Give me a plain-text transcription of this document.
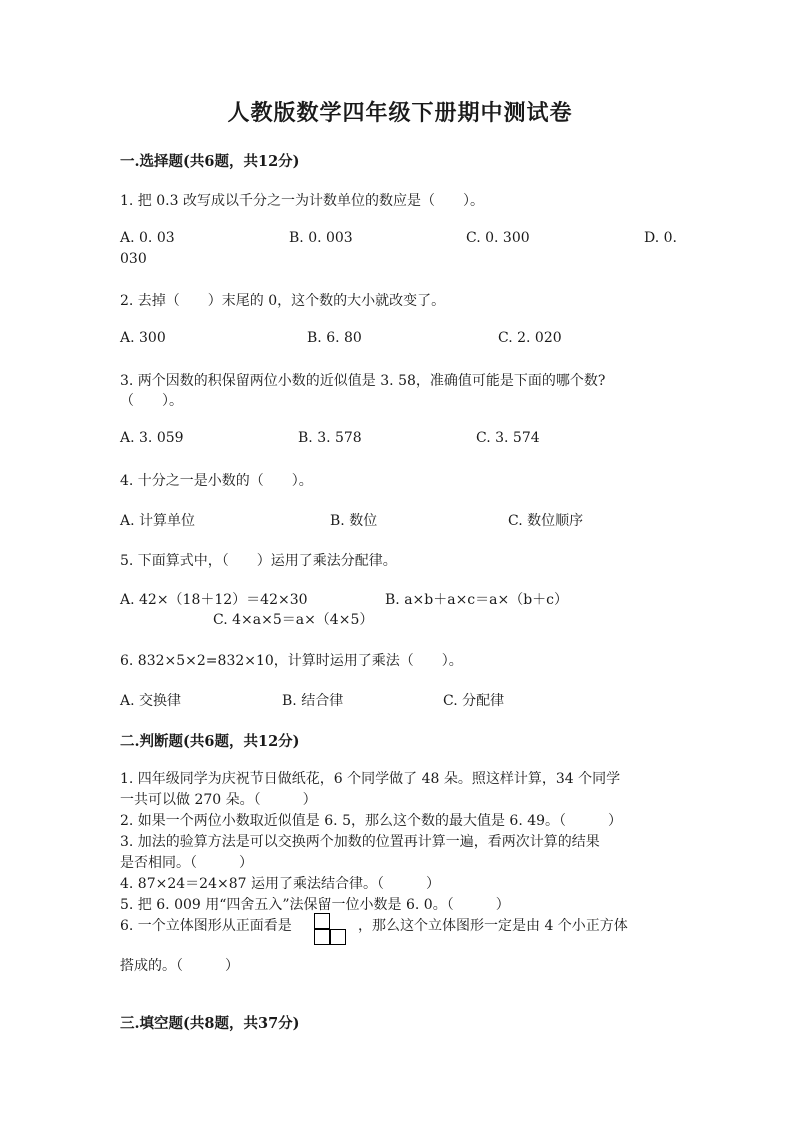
人教版数学四年级下册期中测试卷
一.选择题(共6题，共12分)
1. 把 0.3 改写成以千分之一为计数单位的数应是（　　）。
A. 0. 03	B. 0. 003	C. 0. 300	D. 0.
030
2. 去掉（　　）末尾的 0，这个数的大小就改变了。
A. 300	B. 6. 80	C. 2. 020
3. 两个因数的积保留两位小数的近似值是 3. 58，准确值可能是下面的哪个数?
（　　）。
A. 3. 059	B. 3. 578	C. 3. 574
4. 十分之一是小数的（　　）。
A. 计算单位	B. 数位	C. 数位顺序
5. 下面算式中，（　　）运用了乘法分配律。
A. 42×（18＋12）＝42×30	B. a×b＋a×c＝a×（b＋c）
C. 4×a×5＝a×（4×5）
6. 832×5×2=832×10，计算时运用了乘法（　　）。
A. 交换律	B. 结合律	C. 分配律
二.判断题(共6题，共12分)
1. 四年级同学为庆祝节日做纸花，6 个同学做了 48 朵。照这样计算，34 个同学
一共可以做 270 朵。（　　　）
2. 如果一个两位小数取近似值是 6. 5，那么这个数的最大值是 6. 49。（　　　）
3. 加法的验算方法是可以交换两个加数的位置再计算一遍，看两次计算的结果
是否相同。（　　　）
4. 87×24＝24×87 运用了乘法结合律。（　　　）
5. 把 6. 009 用“四舍五入”法保留一位小数是 6. 0。（　　　）
6. 一个立体图形从正面看是	，那么这个立体图形一定是由 4 个小正方体
搭成的。（　　　）
三.填空题(共8题，共37分)
